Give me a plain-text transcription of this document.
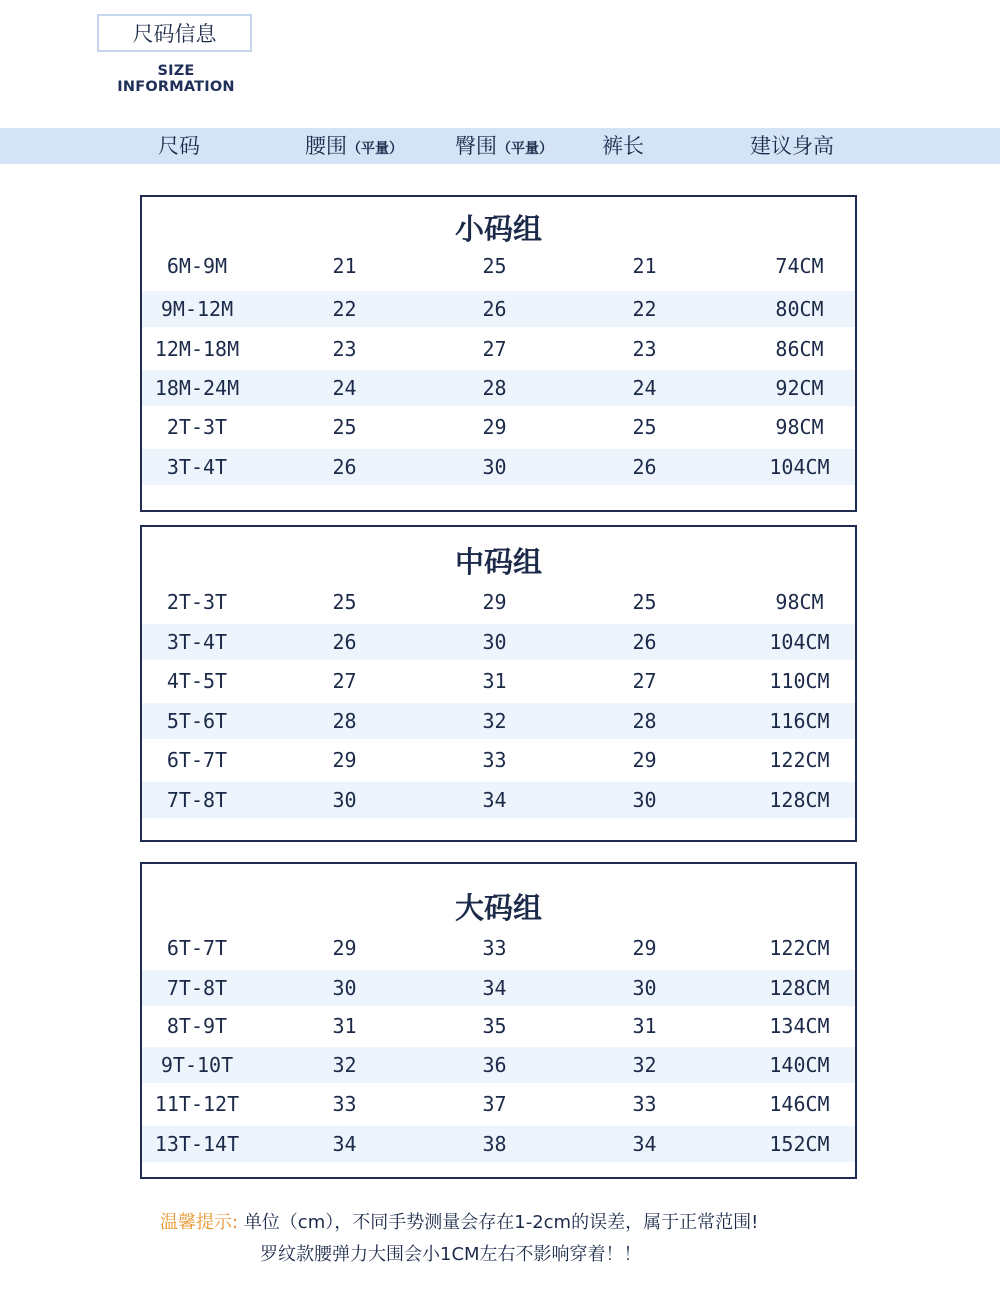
尺码信息
SIZE INFORMATION
尺码	腰围（平量） 臀围（平量） 裤长	建议身高
小码组
6M-9M	21	25	21	74CM
9M-12M	22	26	22	80CM
12M-18M	23	27	23	86CM
18M-24M	24	28	24	92CM
2T-3T	25	29	25	98CM
3T-4T	26	30	26	104CM
中码组
2T-3T	25	29	25	98CM
3T-4T	26	30	26	104CM
4T-5T	27	31	27	110CM
5T-6T	28	32	28	116CM
6T-7T	29	33	29	122CM
7T-8T	30	34	30	128CM
大码组
6T-7T	29	33	29	122CM
7T-8T	30	34	30	128CM
8T-9T	31	35	31	134CM
9T-10T	32	36	32	140CM
11T-12T	33	37	33	146CM
13T-14T	34	38	34	152CM
温馨提示: 单位（cm），不同手势测量会存在1-2cm的误差，属于正常范围!
罗纹款腰弹力大围会小1CM左右不影响穿着！！
